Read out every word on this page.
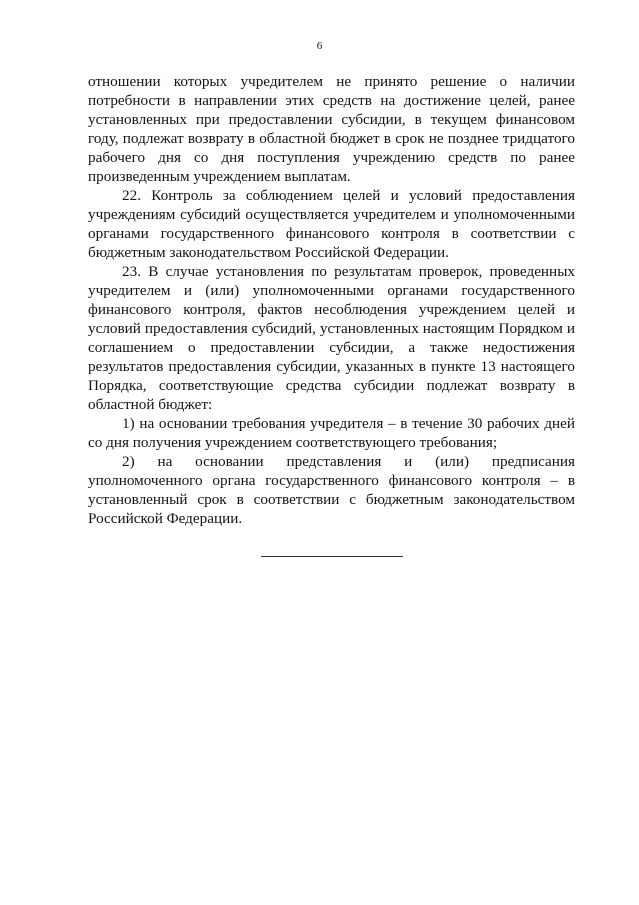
6

отношении которых учредителем не принято решение о наличии потребности в направлении этих средств на достижение целей, ранее установленных при предоставлении субсидии, в текущем финансовом году, подлежат возврату в областной бюджет в срок не позднее тридцатого рабочего дня со дня поступления учреждению средств по ранее произведенным учреждением выплатам.

22. Контроль за соблюдением целей и условий предоставления учреждениям субсидий осуществляется учредителем и уполномоченными органами государственного финансового контроля в соответствии с бюджетным законодательством Российской Федерации.

23. В случае установления по результатам проверок, проведенных учредителем и (или) уполномоченными органами государственного финансового контроля, фактов несоблюдения учреждением целей и условий предоставления субсидий, установленных настоящим Порядком и соглашением о предоставлении субсидии, а также недостижения результатов предоставления субсидии, указанных в пункте 13 настоящего Порядка, соответствующие средства субсидии подлежат возврату в областной бюджет:

1) на основании требования учредителя – в течение 30 рабочих дней со дня получения учреждением соответствующего требования;

2) на основании представления и (или) предписания уполномоченного органа государственного финансового контроля – в установленный срок в соответствии с бюджетным законодательством Российской Федерации.
